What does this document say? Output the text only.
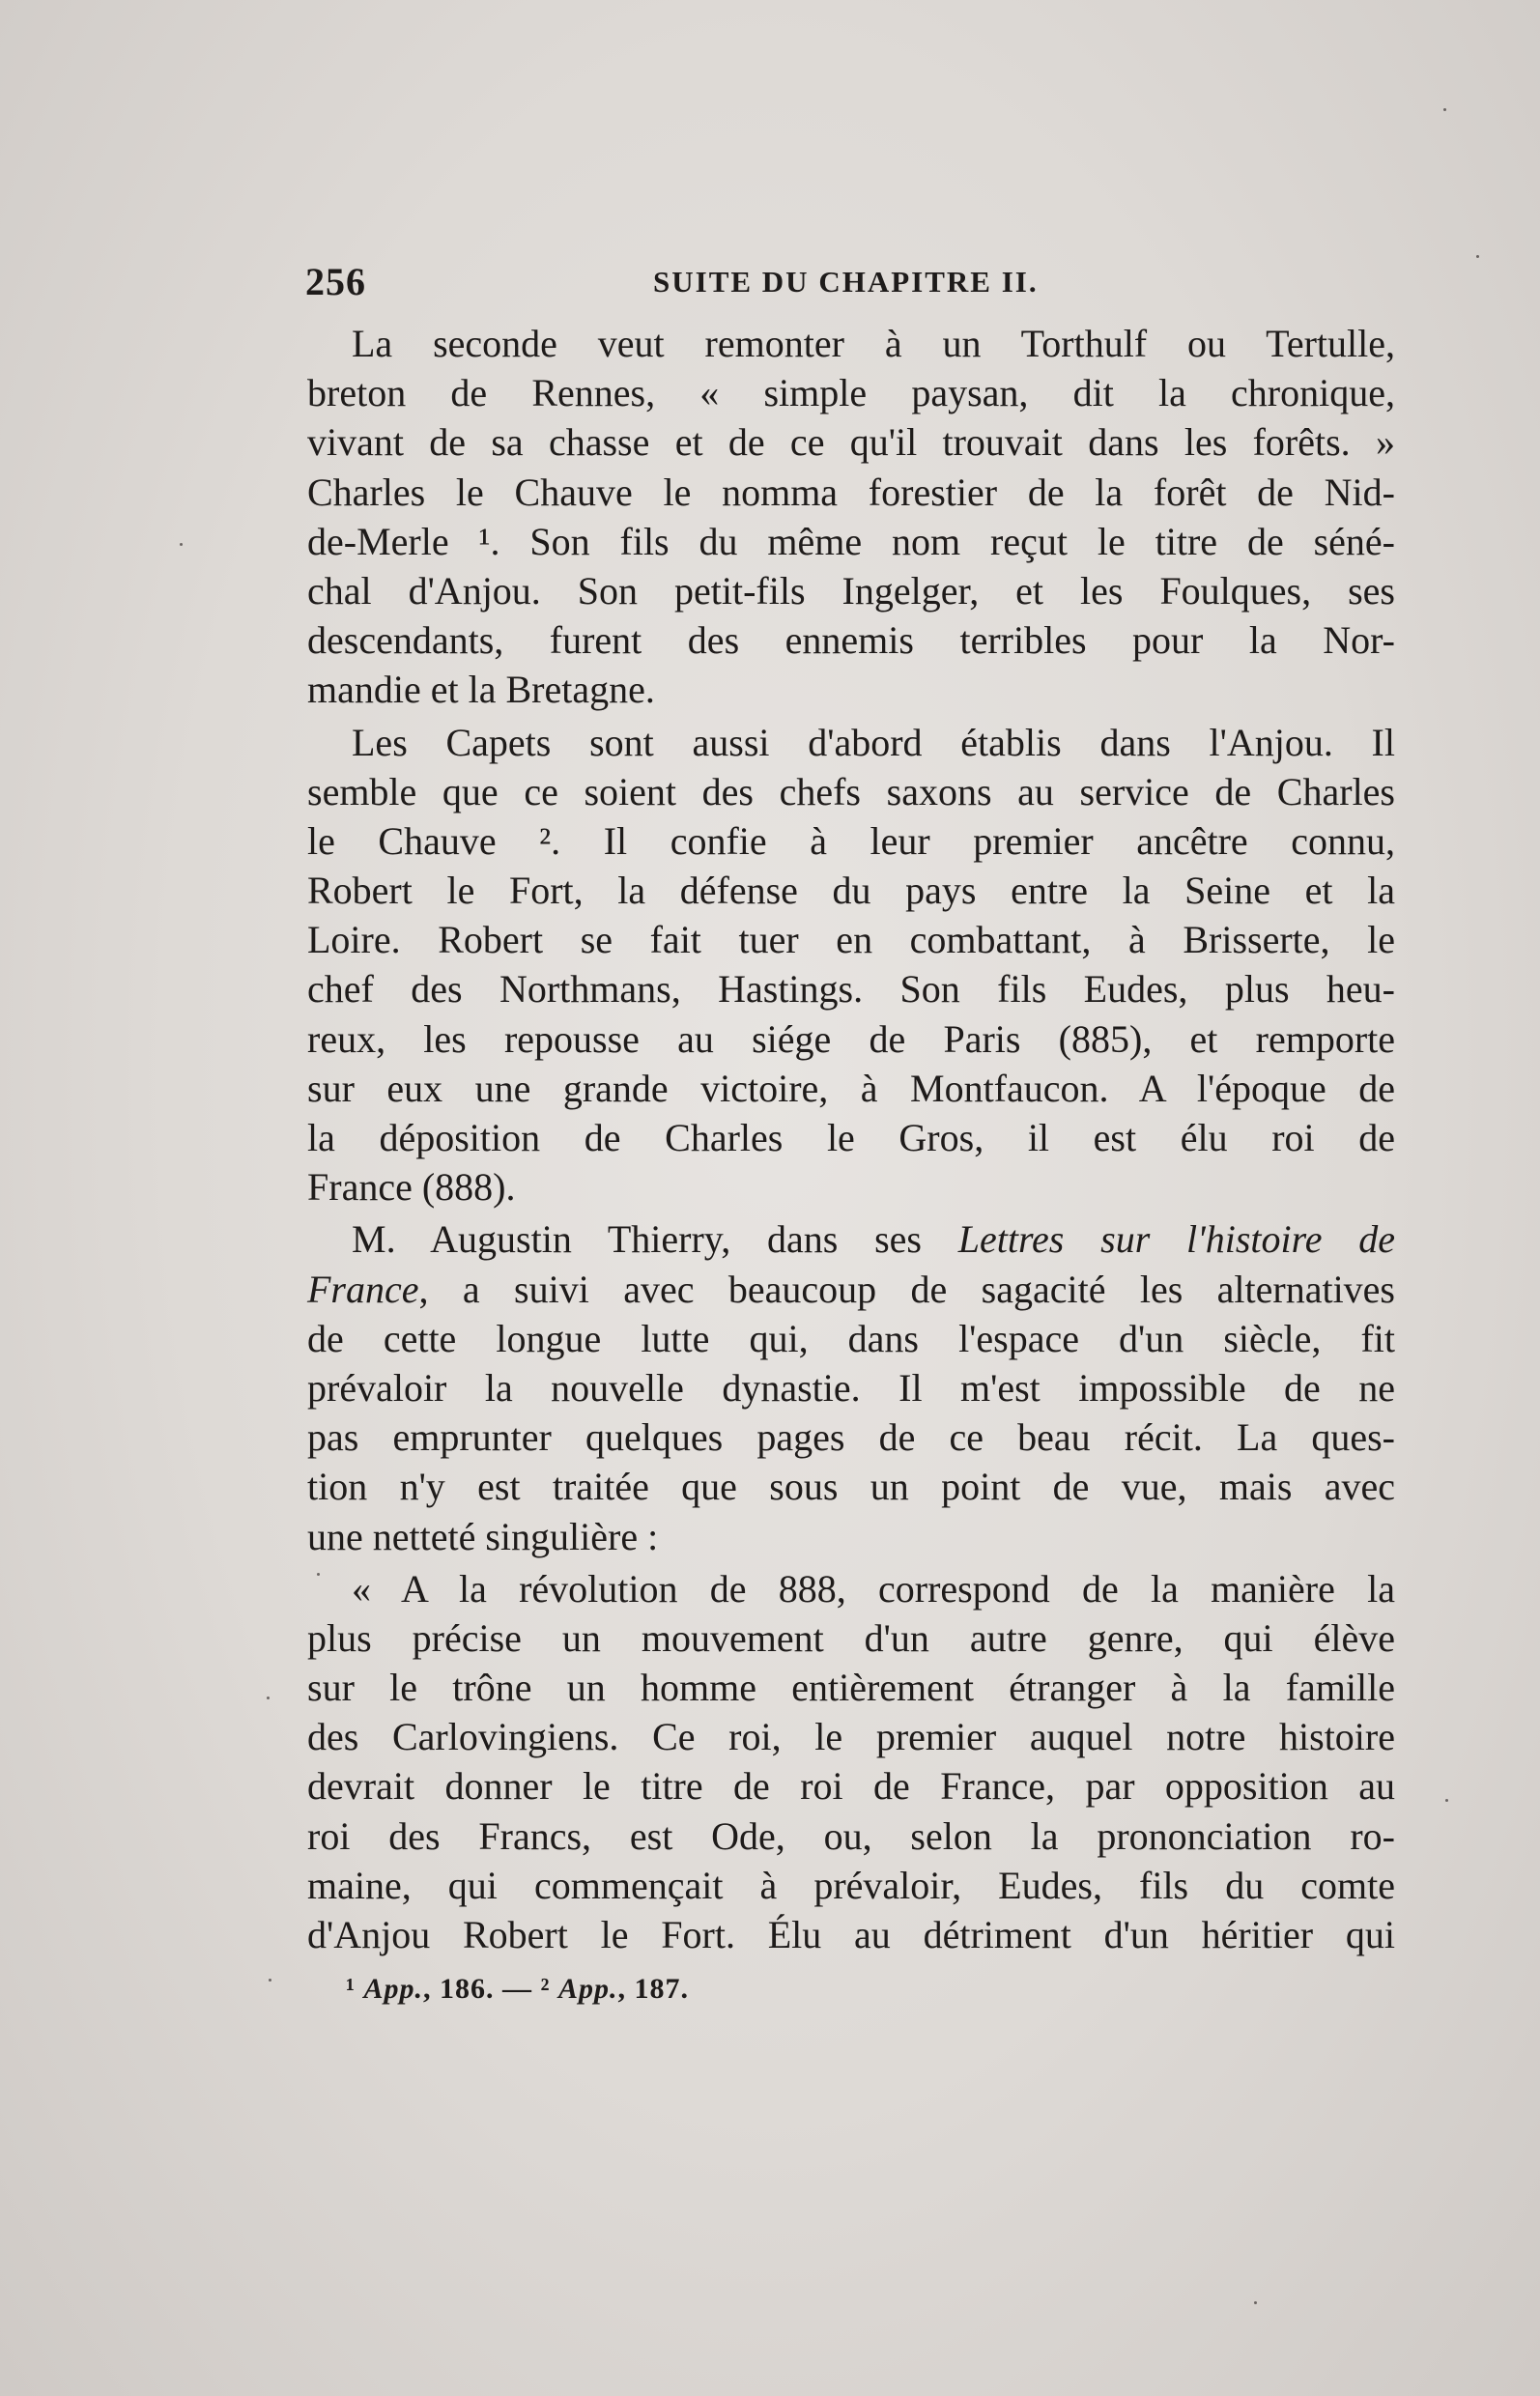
256	SUITE DU CHAPITRE II.
La seconde veut remonter à un Torthulf ou Tertulle,
breton de Rennes, « simple paysan, dit la chronique,
vivant de sa chasse et de ce qu'il trouvait dans les forêts. »
Charles le Chauve le nomma forestier de la forêt de Nid-
de-Merle ¹. Son fils du même nom reçut le titre de séné-
chal d'Anjou. Son petit-fils Ingelger, et les Foulques, ses
descendants, furent des ennemis terribles pour la Nor-
mandie et la Bretagne.
Les Capets sont aussi d'abord établis dans l'Anjou. Il
semble que ce soient des chefs saxons au service de Charles
le Chauve ². Il confie à leur premier ancêtre connu,
Robert le Fort, la défense du pays entre la Seine et la
Loire. Robert se fait tuer en combattant, à Brisserte, le
chef des Northmans, Hastings. Son fils Eudes, plus heu-
reux, les repousse au siége de Paris (885), et remporte
sur eux une grande victoire, à Montfaucon. A l'époque de
la déposition de Charles le Gros, il est élu roi de
France (888).
M. Augustin Thierry, dans ses Lettres sur l'histoire de
France, a suivi avec beaucoup de sagacité les alternatives
de cette longue lutte qui, dans l'espace d'un siècle, fit
prévaloir la nouvelle dynastie. Il m'est impossible de ne
pas emprunter quelques pages de ce beau récit. La ques-
tion n'y est traitée que sous un point de vue, mais avec
une netteté singulière :
« A la révolution de 888, correspond de la manière la
plus précise un mouvement d'un autre genre, qui élève
sur le trône un homme entièrement étranger à la famille
des Carlovingiens. Ce roi, le premier auquel notre histoire
devrait donner le titre de roi de France, par opposition au
roi des Francs, est Ode, ou, selon la prononciation ro-
maine, qui commençait à prévaloir, Eudes, fils du comte
d'Anjou Robert le Fort. Élu au détriment d'un héritier qui
¹ App., 186. — ² App., 187.
